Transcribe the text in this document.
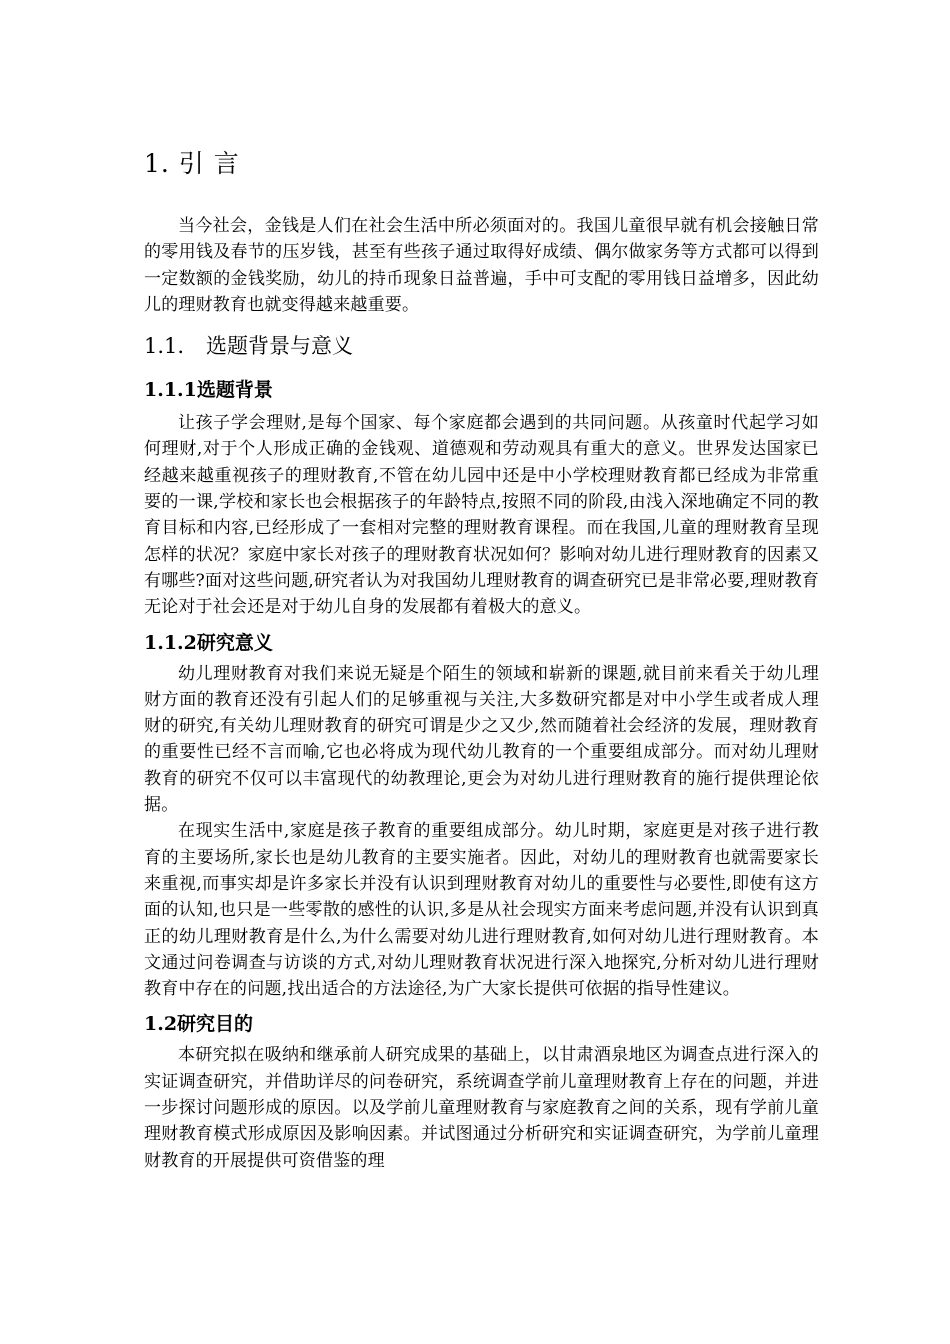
1. 引 言

当今社会，金钱是人们在社会生活中所必须面对的。我国儿童很早就有机会接触日常的零用钱及春节的压岁钱，甚至有些孩子通过取得好成绩、偶尔做家务等方式都可以得到一定数额的金钱奖励，幼儿的持币现象日益普遍，手中可支配的零用钱日益增多，因此幼儿的理财教育也就变得越来越重要。

1.1. 选题背景与意义
1.1.1选题背景

让孩子学会理财,是每个国家、每个家庭都会遇到的共同问题。从孩童时代起学习如何理财,对于个人形成正确的金钱观、道德观和劳动观具有重大的意义。世界发达国家已经越来越重视孩子的理财教育,不管在幼儿园中还是中小学校理财教育都已经成为非常重要的一课,学校和家长也会根据孩子的年龄特点,按照不同的阶段,由浅入深地确定不同的教育目标和内容,已经形成了一套相对完整的理财教育课程。而在我国,儿童的理财教育呈现怎样的状况？家庭中家长对孩子的理财教育状况如何？影响对幼儿进行理财教育的因素又有哪些?面对这些问题,研究者认为对我国幼儿理财教育的调查研究已是非常必要,理财教育无论对于社会还是对于幼儿自身的发展都有着极大的意义。

1.1.2研究意义

幼儿理财教育对我们来说无疑是个陌生的领域和崭新的课题,就目前来看关于幼儿理财方面的教育还没有引起人们的足够重视与关注,大多数研究都是对中小学生或者成人理财的研究,有关幼儿理财教育的研究可谓是少之又少,然而随着社会经济的发展，理财教育的重要性已经不言而喻,它也必将成为现代幼儿教育的一个重要组成部分。而对幼儿理财教育的研究不仅可以丰富现代的幼教理论,更会为对幼儿进行理财教育的施行提供理论依据。

在现实生活中,家庭是孩子教育的重要组成部分。幼儿时期，家庭更是对孩子进行教育的主要场所,家长也是幼儿教育的主要实施者。因此，对幼儿的理财教育也就需要家长来重视,而事实却是许多家长并没有认识到理财教育对幼儿的重要性与必要性,即使有这方面的认知,也只是一些零散的感性的认识,多是从社会现实方面来考虑问题,并没有认识到真正的幼儿理财教育是什么,为什么需要对幼儿进行理财教育,如何对幼儿进行理财教育。本文通过问卷调查与访谈的方式,对幼儿理财教育状况进行深入地探究,分析对幼儿进行理财教育中存在的问题,找出适合的方法途径,为广大家长提供可依据的指导性建议。

1.2研究目的

本研究拟在吸纳和继承前人研究成果的基础上，以甘肃酒泉地区为调查点进行深入的实证调查研究，并借助详尽的问卷研究，系统调查学前儿童理财教育上存在的问题，并进一步探讨问题形成的原因。以及学前儿童理财教育与家庭教育之间的关系，现有学前儿童理财教育模式形成原因及影响因素。并试图通过分析研究和实证调查研究，为学前儿童理财教育的开展提供可资借鉴的理
